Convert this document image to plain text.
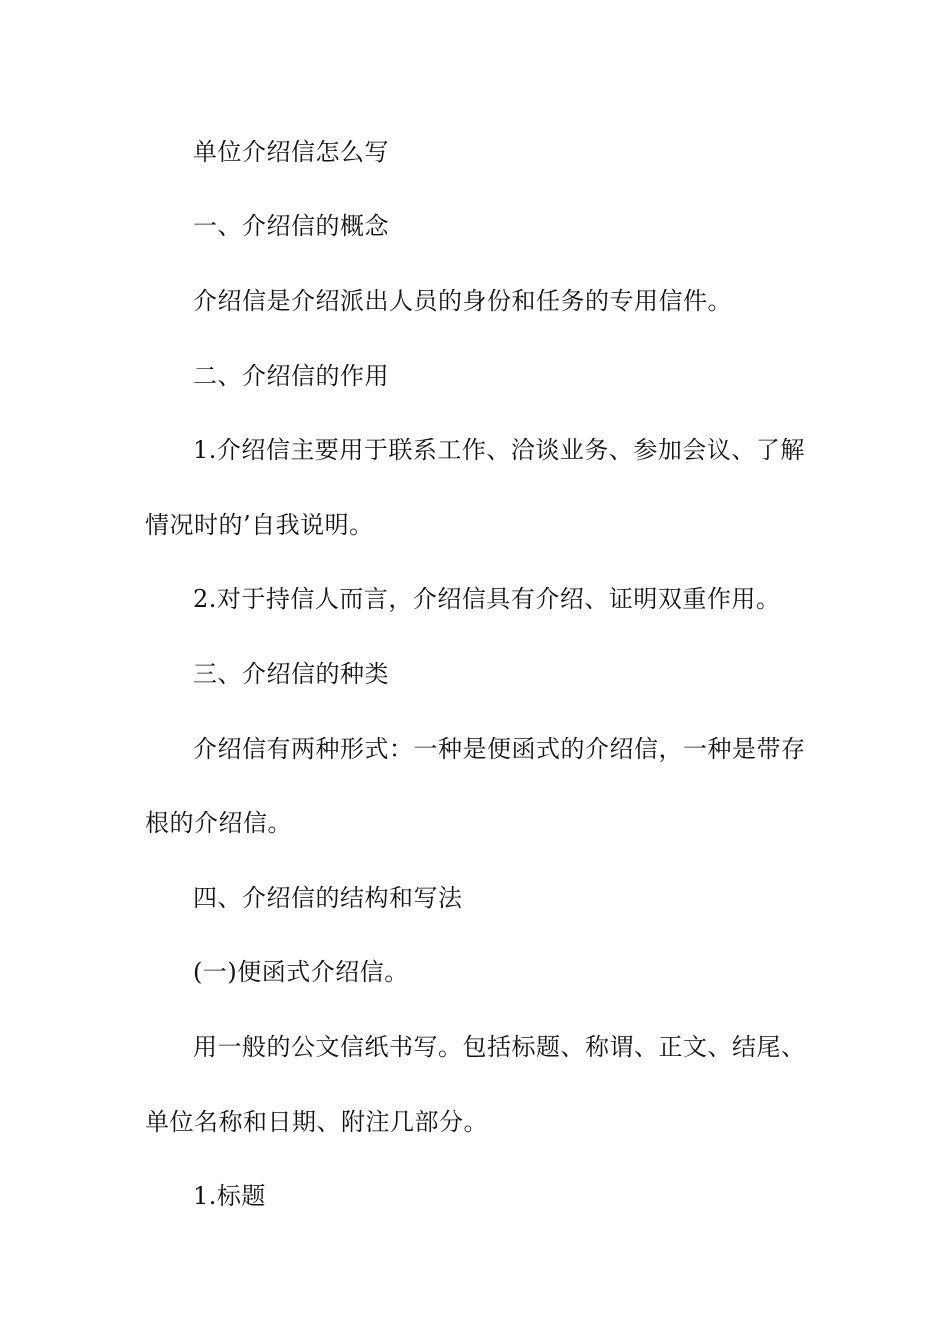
单位介绍信怎么写
一、介绍信的概念
介绍信是介绍派出人员的身份和任务的专用信件。
二、介绍信的作用
1.介绍信主要用于联系工作、洽谈业务、参加会议、了解
情况时的’自我说明。
2.对于持信人而言，介绍信具有介绍、证明双重作用。
三、介绍信的种类
介绍信有两种形式：一种是便函式的介绍信，一种是带存
根的介绍信。
四、介绍信的结构和写法
(一)便函式介绍信。
用一般的公文信纸书写。包括标题、称谓、正文、结尾、
单位名称和日期、附注几部分。
1.标题
